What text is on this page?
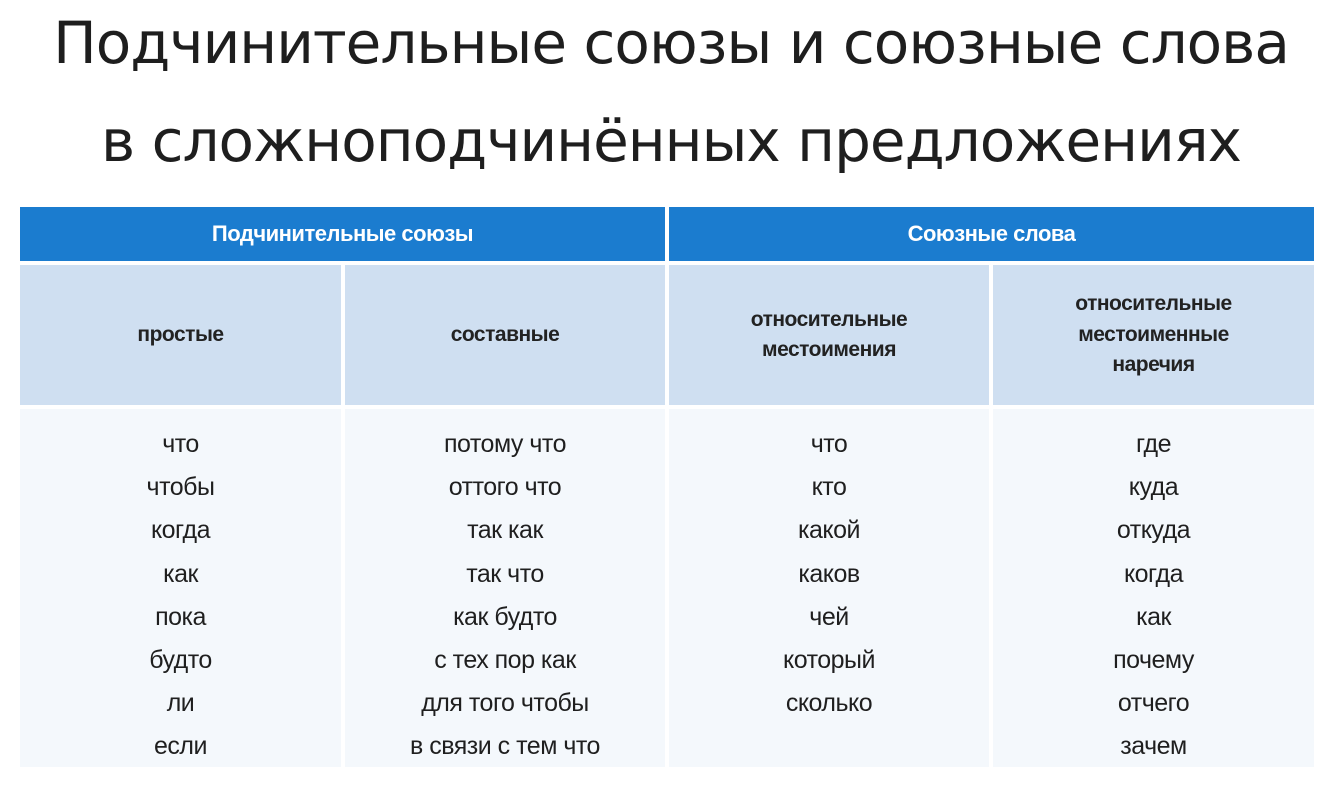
Подчинительные союзы и союзные слова
в сложноподчинённых предложениях
Подчинительные союзы	Союзные слова
простые	составные
относительные
местоимения
относительные
местоименные
наречия
что
чтобы
когда
как
пока
будто
ли
если
потому что
оттого что
так как
так что
как будто
с тех пор как
для того чтобы
в связи с тем что
что
кто
какой
каков
чей
который
сколько
где
куда
откуда
когда
как
почему
отчего
зачем
